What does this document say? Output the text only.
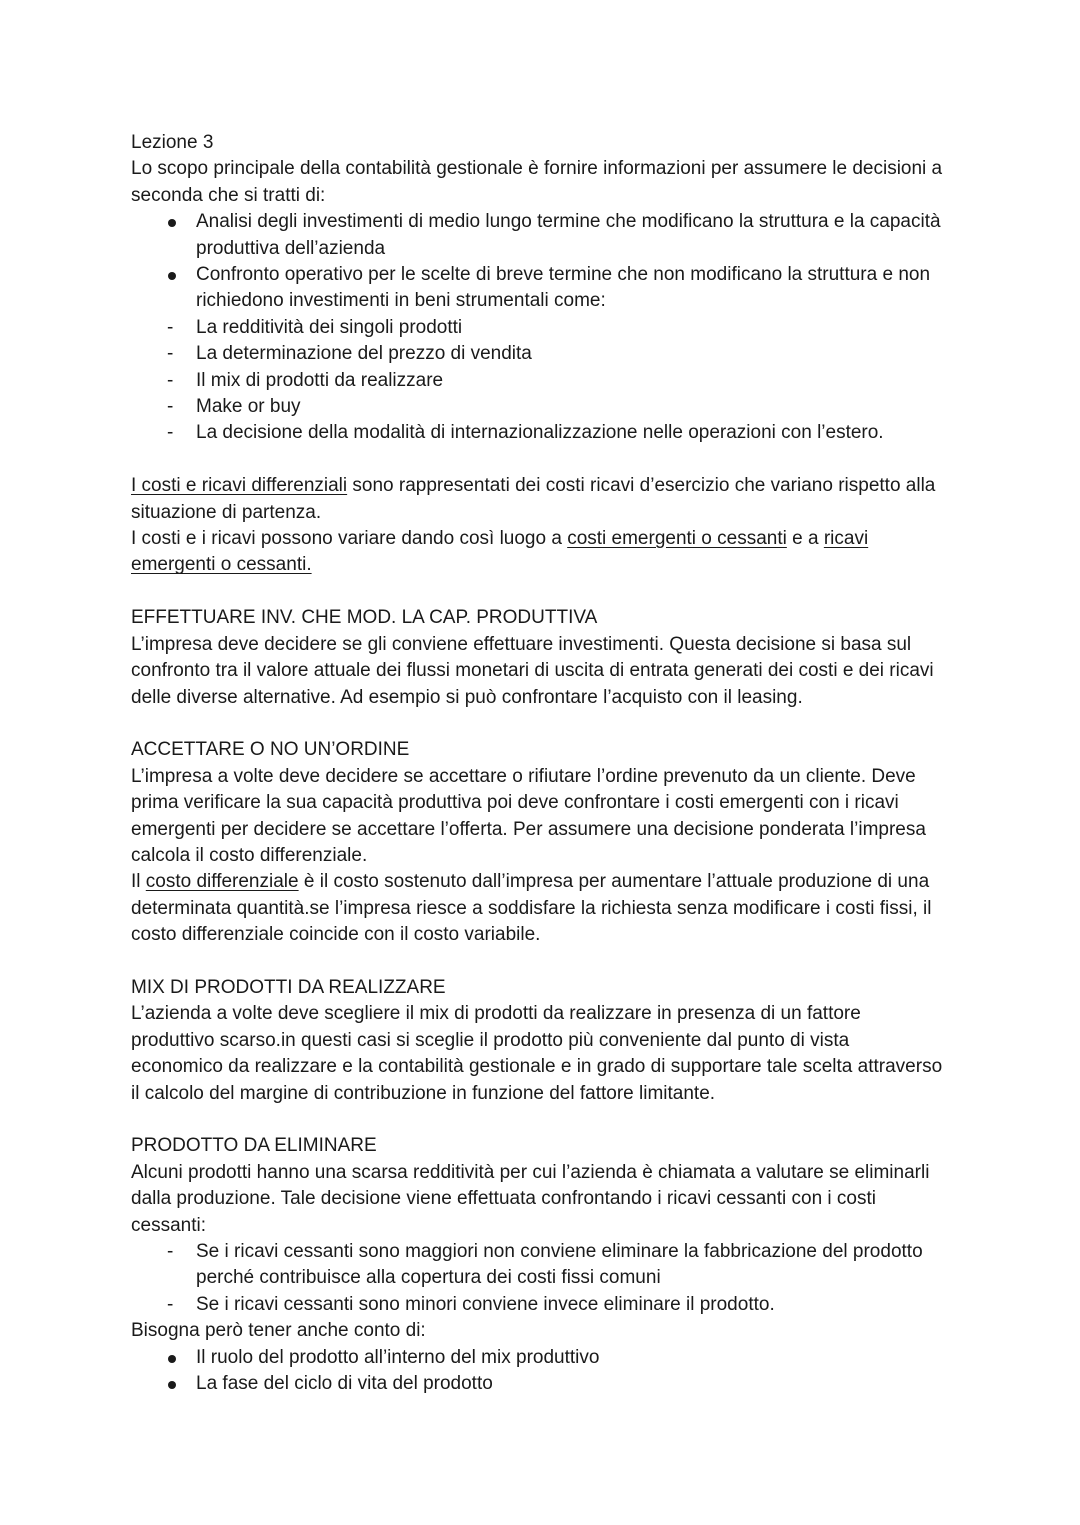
Lezione 3

Lo scopo principale della contabilità gestionale è fornire informazioni per assumere le decisioni a seconda che si tratti di:

Analisi degli investimenti di medio lungo termine che modificano la struttura e la capacità produttiva dell’azienda
Confronto operativo per le scelte di breve termine che non modificano la struttura e non richiedono investimenti in beni strumentali come:
- La redditività dei singoli prodotti
- La determinazione del prezzo di vendita
- Il mix di prodotti da realizzare
- Make or buy
- La decisione della modalità di internazionalizzazione nelle operazioni con l’estero.

I costi e ricavi differenziali sono rappresentati dei costi ricavi d’esercizio che variano rispetto alla situazione di partenza.

I costi e i ricavi possono variare dando così luogo a costi emergenti o cessanti e a ricavi emergenti o cessanti.

EFFETTUARE INV. CHE MOD. LA CAP. PRODUTTIVA

L’impresa deve decidere se gli conviene effettuare investimenti. Questa decisione si basa sul confronto tra il valore attuale dei flussi monetari di uscita di entrata generati dei costi e dei ricavi delle diverse alternative. Ad esempio si può confrontare l’acquisto con il leasing.

ACCETTARE O NO UN’ORDINE

L’impresa a volte deve decidere se accettare o rifiutare l’ordine prevenuto da un cliente. Deve prima verificare la sua capacità produttiva poi deve confrontare i costi emergenti con i ricavi emergenti per decidere se accettare l’offerta. Per assumere una decisione ponderata l’impresa calcola il costo differenziale.

Il costo differenziale è il costo sostenuto dall’impresa per aumentare l’attuale produzione di una determinata quantità.se l’impresa riesce a soddisfare la richiesta senza modificare i costi fissi, il costo differenziale coincide con il costo variabile.

MIX DI PRODOTTI DA REALIZZARE

L’azienda a volte deve scegliere il mix di prodotti da realizzare in presenza di un fattore produttivo scarso.in questi casi si sceglie il prodotto più conveniente dal punto di vista economico da realizzare e la contabilità gestionale e in grado di supportare tale scelta attraverso il calcolo del margine di contribuzione in funzione del fattore limitante.

PRODOTTO DA ELIMINARE

Alcuni prodotti hanno una scarsa redditività per cui l’azienda è chiamata a valutare se eliminarli dalla produzione. Tale decisione viene effettuata confrontando i ricavi cessanti con i costi cessanti:

- Se i ricavi cessanti sono maggiori non conviene eliminare la fabbricazione del prodotto perché contribuisce alla copertura dei costi fissi comuni
- Se i ricavi cessanti sono minori conviene invece eliminare il prodotto.

Bisogna però tener anche conto di:

Il ruolo del prodotto all’interno del mix produttivo
La fase del ciclo di vita del prodotto
